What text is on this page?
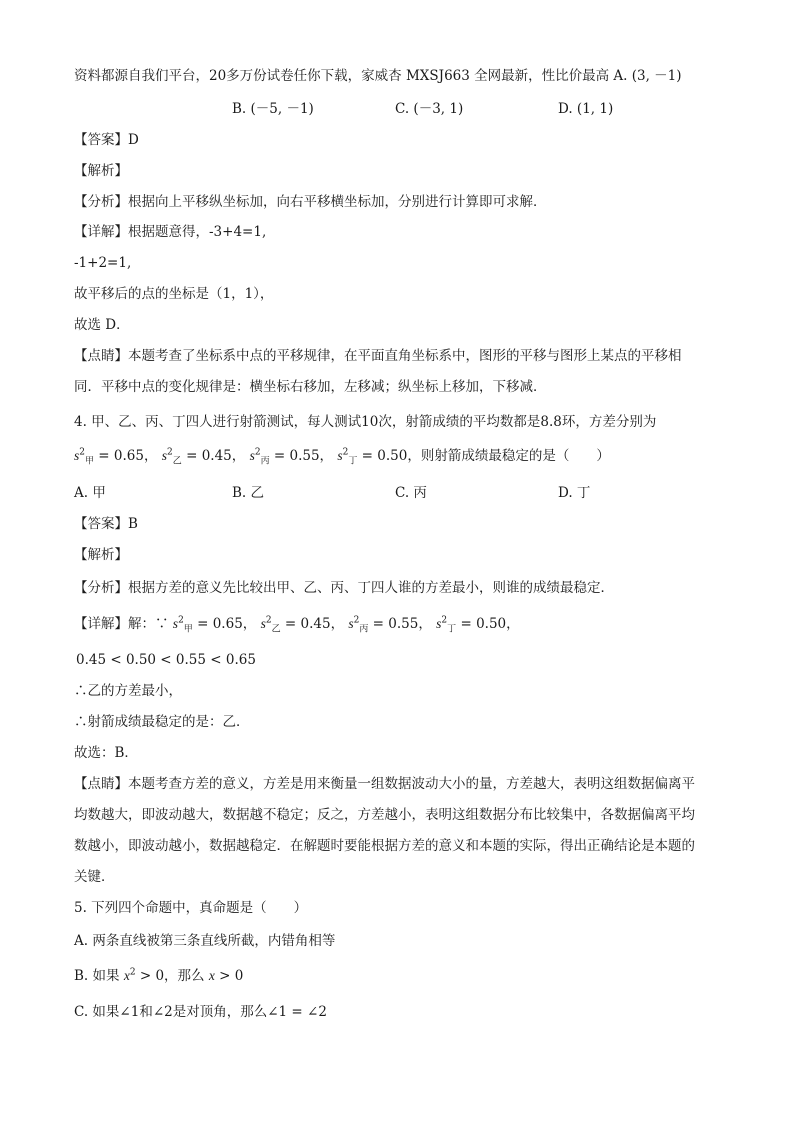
资料都源自我们平台，20多万份试卷任你下载，家威杏 MXSJ663 全网最新，性比价最高 A. (3, －1)
B. (－5, －1)	C. (－3, 1)	D. (1, 1)
【答案】D
【解析】
【分析】根据向上平移纵坐标加，向右平移横坐标加，分别进行计算即可求解．
【详解】根据题意得，-3+4=1,
-1+2=1,
故平移后的点的坐标是（1，1），
故选 D．
【点睛】本题考查了坐标系中点的平移规律，在平面直角坐标系中，图形的平移与图形上某点的平移相
同．平移中点的变化规律是：横坐标右移加，左移减；纵坐标上移加，下移减．
4. 甲、乙、丙、丁四人进行射箭测试，每人测试10次，射箭成绩的平均数都是8.8环，方差分别为
$s^2_甲 = 0.65$， $s^2_乙 = 0.45$， $s^2_丙 = 0.55$， $s^2_丁 = 0.50$，则射箭成绩最稳定的是（　　）
A. 甲	B. 乙	C. 丙	D. 丁
【答案】B
【解析】
【分析】根据方差的意义先比较出甲、乙、丙、丁四人谁的方差最小，则谁的成绩最稳定．
【详解】解：∵ $s^2_甲 = 0.65$， $s^2_乙 = 0.45$， $s^2_丙 = 0.55$， $s^2_丁 = 0.50$，
0.45 < 0.50 < 0.55 < 0.65
∴乙的方差最小，
∴射箭成绩最稳定的是：乙．
故选：B．
【点睛】本题考查方差的意义，方差是用来衡量一组数据波动大小的量，方差越大，表明这组数据偏离平
均数越大，即波动越大，数据越不稳定；反之，方差越小，表明这组数据分布比较集中，各数据偏离平均
数越小，即波动越小，数据越稳定．在解题时要能根据方差的意义和本题的实际，得出正确结论是本题的
关键．
5. 下列四个命题中，真命题是（　　）
A. 两条直线被第三条直线所截，内错角相等
B. 如果 $x^2 > 0$，那么 x > 0
C. 如果∠1和∠2是对顶角，那么∠1 = ∠2
